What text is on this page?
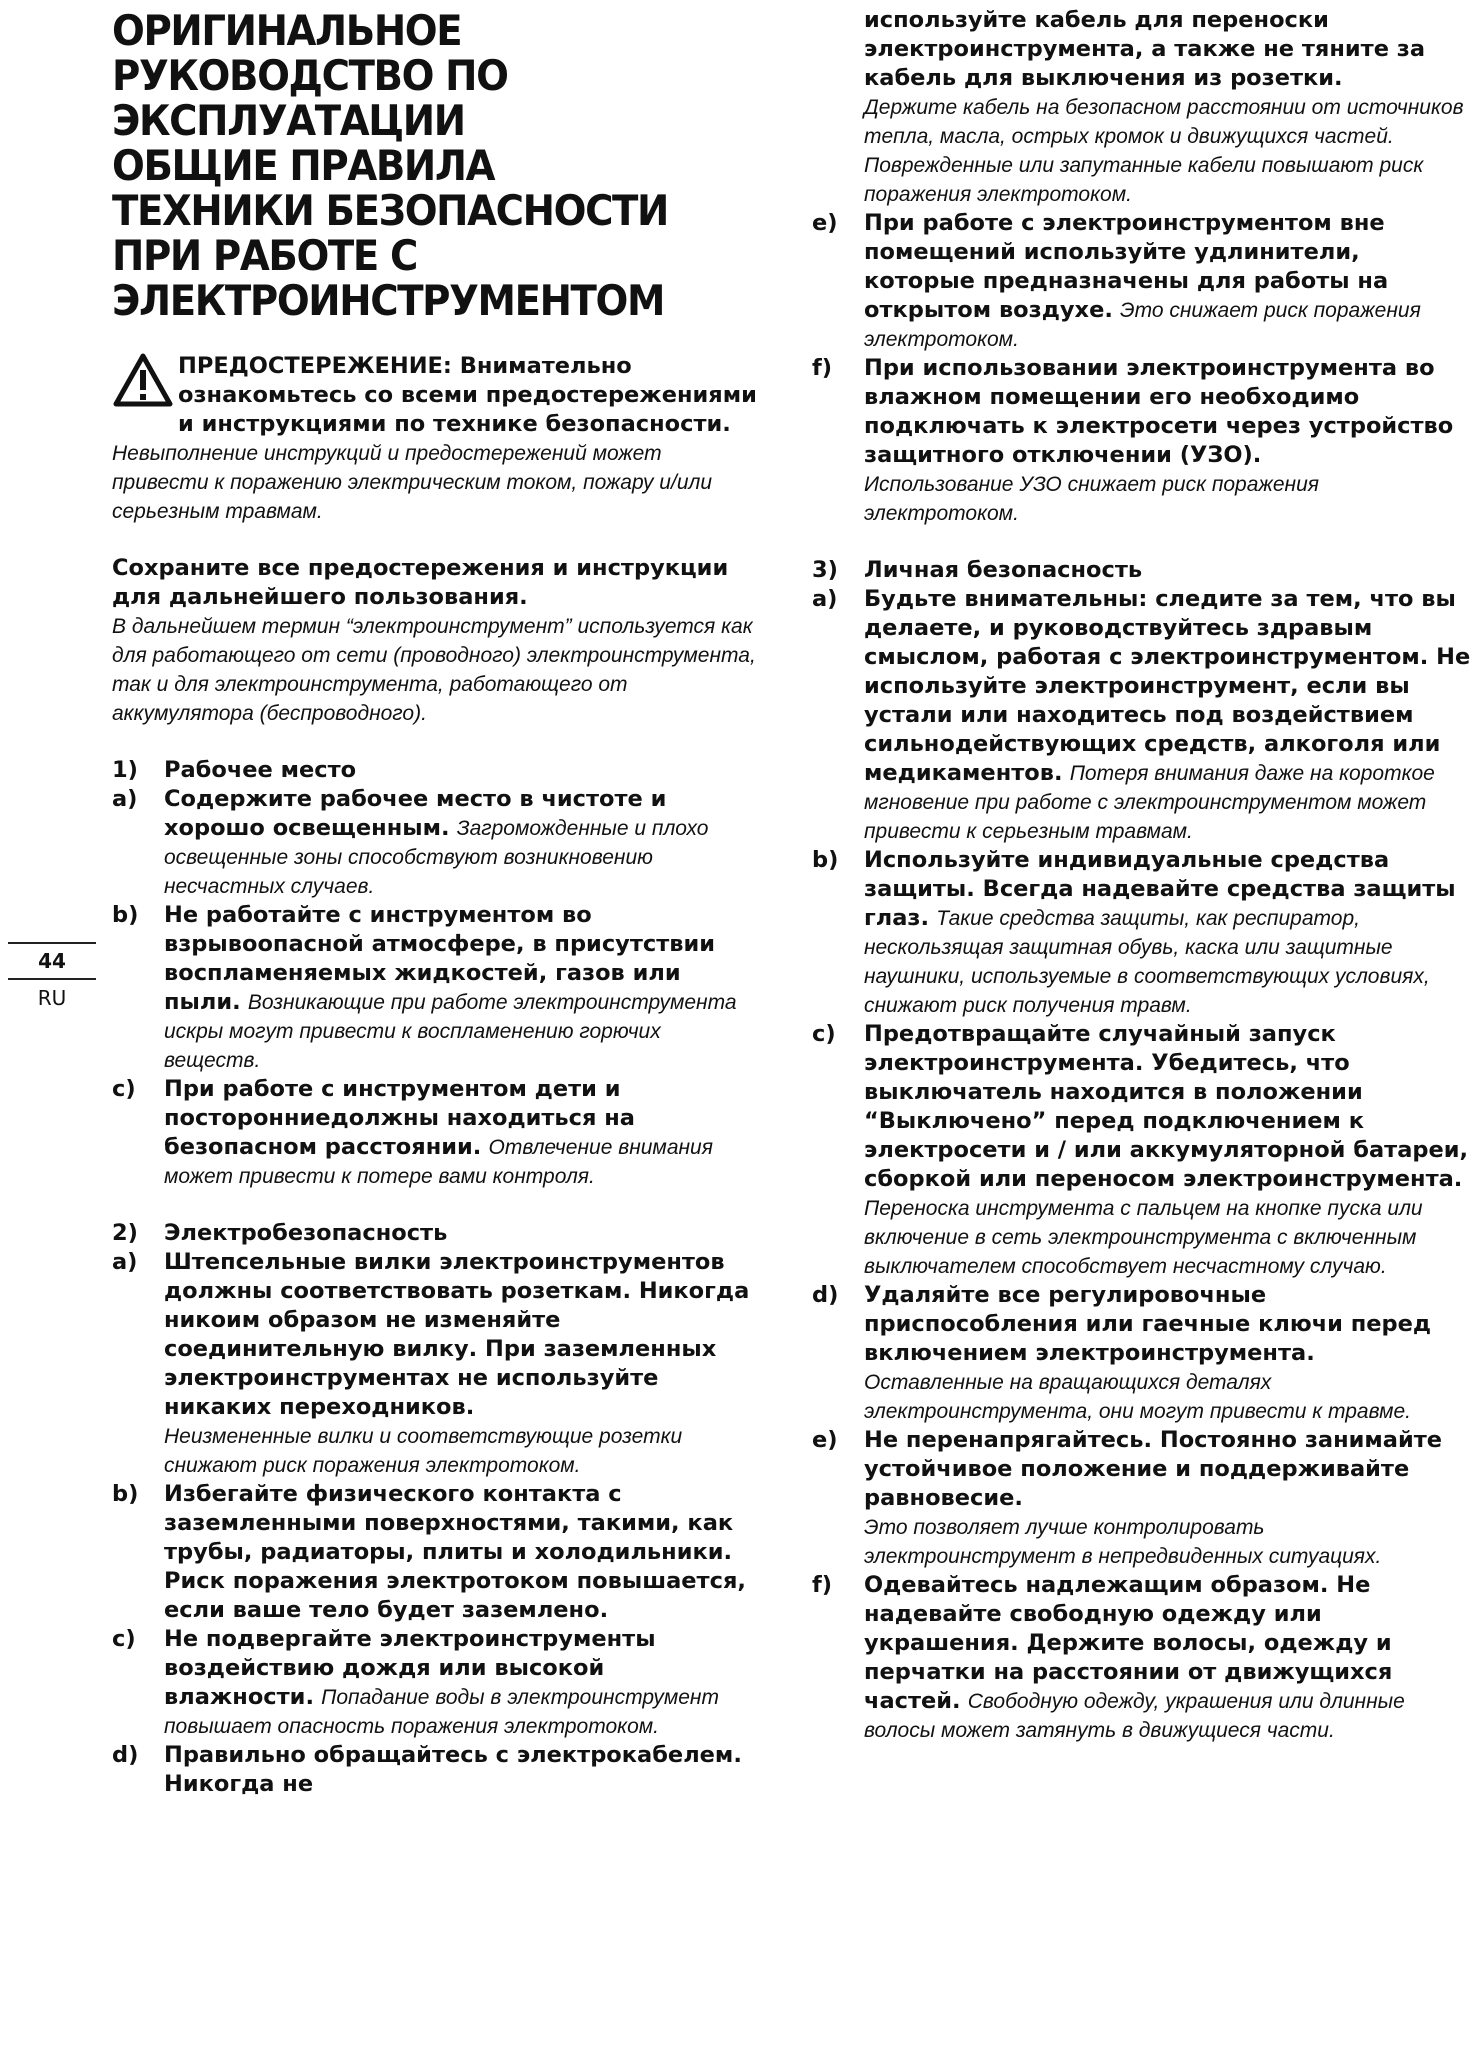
ОРИГИНАЛЬНОЕ
РУКОВОДСТВО ПО
ЭКСПЛУАТАЦИИ
ОБЩИЕ ПРАВИЛА
ТЕХНИКИ БЕЗОПАСНОСТИ
ПРИ РАБОТЕ С
ЭЛЕКТРОИНСТРУМЕНТОМ
44
RU

ПРЕДОСТЕРЕЖЕНИЕ: Внимательно ознакомьтесь со всеми предостережениями и инструкциями по технике безопасности.
Невыполнение инструкций и предостережений может привести к поражению электрическим током, пожару и/или серьезным травмам.

Сохраните все предостережения и инструкции для дальнейшего пользования.
В дальнейшем термин “электроинструмент” используется как для работающего от сети (проводного) электроинструмента, так и для электроинструмента, работающего от аккумулятора (беспроводного).

1) Рабочее место
a) Содержите рабочее место в чистоте и хорошо освещенным. Загроможденные и плохо освещенные зоны способствуют возникновению несчастных случаев.
b) Не работайте с инструментом во взрывоопасной атмосфере, в присутствии воспламеняемых жидкостей, газов или пыли. Возникающие при работе электроинструмента искры могут привести к воспламенению горючих веществ.
c) При работе с инструментом дети и посторонниедолжны находиться на безопасном расстоянии. Отвлечение внимания может привести к потере вами контроля.
2) Электробезопасность
a) Штепсельные вилки электроинструментов должны соответствовать розеткам. Никогда никоим образом не изменяйте соединительную вилку. При заземленных электроинструментах не используйте никаких переходников.
Неизмененные вилки и соответствующие розетки снижают риск поражения электротоком.
b) Избегайте физического контакта с заземленными поверхностями, такими, как трубы, радиаторы, плиты и холодильники. Риск поражения электротоком повышается, если ваше тело будет заземлено.
c) Не подвергайте электроинструменты воздействию дождя или высокой влажности. Попадание воды в электроинструмент повышает опасность поражения электротоком.
d) Правильно обращайтесь с электрокабелем. Никогда не
используйте кабель для переноски электроинструмента, а также не тяните за кабель для выключения из розетки.
Держите кабель на безопасном расстоянии от источников тепла, масла, острых кромок и движущихся частей. Поврежденные или запутанные кабели повышают риск поражения электротоком.
e) При работе с электроинструментом вне помещений используйте удлинители, которые предназначены для работы на открытом воздухе. Это снижает риск поражения электротоком.
f) При использовании электроинструмента во влажном помещении его необходимо подключать к электросети через устройство защитного отключении (УЗО).
Использование УЗО снижает риск поражения электротоком.
3) Личная безопасность
a) Будьте внимательны: следите за тем, что вы делаете, и руководствуйтесь здравым смыслом, работая с электроинструментом. Не используйте электроинструмент, если вы устали или находитесь под воздействием сильнодействующих средств, алкоголя или медикаментов. Потеря внимания даже на короткое мгновение при работе с электроинструментом может привести к серьезным травмам.
b) Используйте индивидуальные средства защиты. Всегда надевайте средства защиты глаз. Такие средства защиты, как респиратор, нескользящая защитная обувь, каска или защитные наушники, используемые в соответствующих условиях, снижают риск получения травм.
c) Предотвращайте случайный запуск электроинструмента. Убедитесь, что выключатель находится в положении “Выключено” перед подключением к электросети и / или аккумуляторной батареи, сборкой или переносом электроинструмента. Переноска инструмента с пальцем на кнопке пуска или включение в сеть электроинструмента с включенным выключателем способствует несчастному случаю.
d) Удаляйте все регулировочные приспособления или гаечные ключи перед включением электроинструмента.
Оставленные на вращающихся деталях электроинструмента, они могут привести к травме.
e) Не перенапрягайтесь. Постоянно занимайте устойчивое положение и поддерживайте равновесие.
Это позволяет лучше контролировать электроинструмент в непредвиденных ситуациях.
f) Одевайтесь надлежащим образом. Не надевайте свободную одежду или украшения. Держите волосы, одежду и перчатки на расстоянии от движущихся частей. Свободную одежду, украшения или длинные волосы может затянуть в движущиеся части.
